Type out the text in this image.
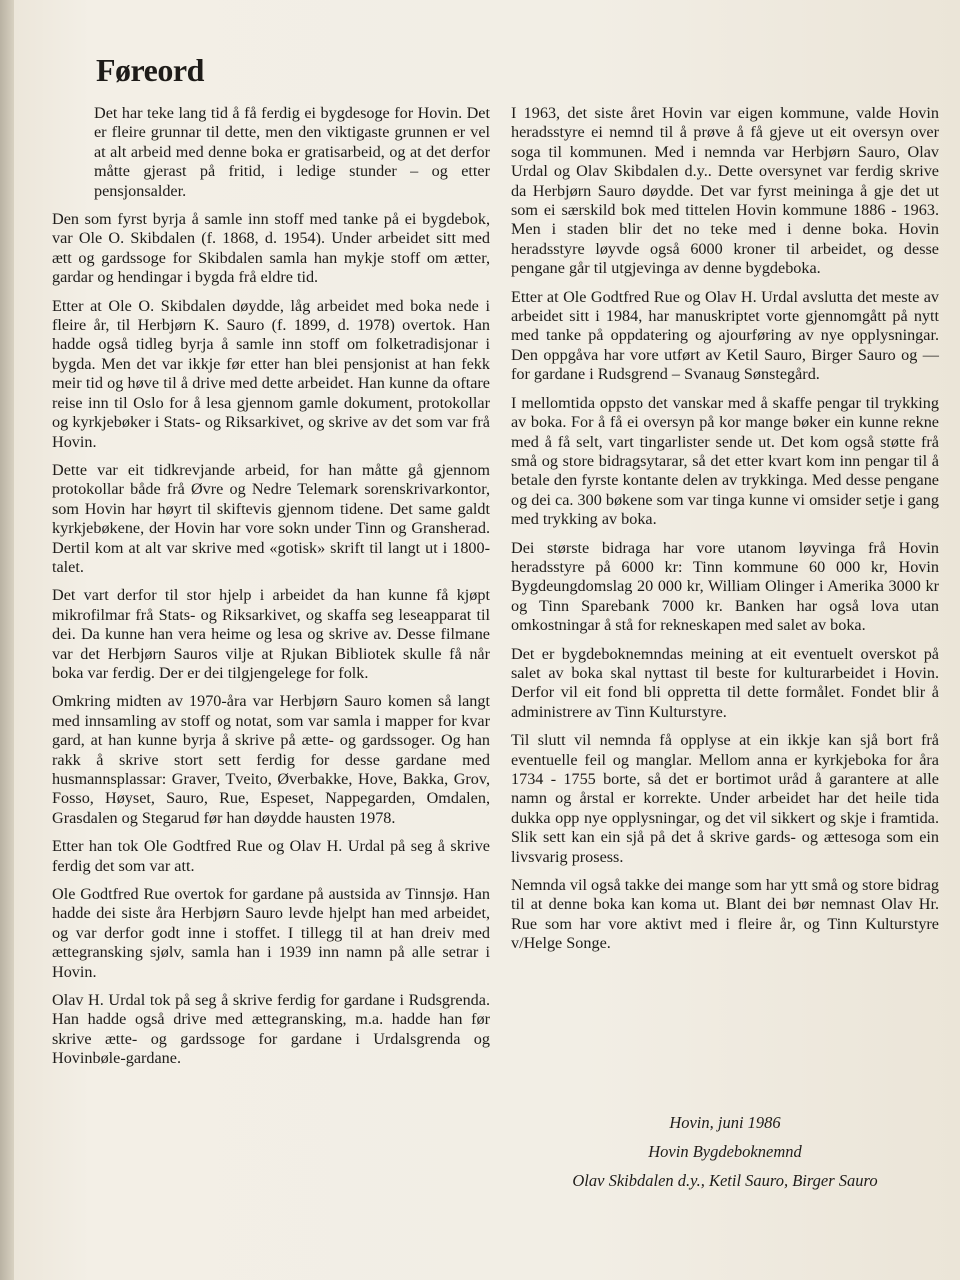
Føreord

Det har teke lang tid å få ferdig ei bygdesoge for Hovin. Det er fleire grunnar til dette, men den viktigaste grunnen er vel at alt arbeid med denne boka er gratisarbeid, og at det derfor måtte gjerast på fritid, i ledige stunder – og etter pensjonsalder.

Den som fyrst byrja å samle inn stoff med tanke på ei bygdebok, var Ole O. Skibdalen (f. 1868, d. 1954). Under arbeidet sitt med ætt og gardssoge for Skibdalen samla han mykje stoff om ætter, gardar og hendingar i bygda frå eldre tid.

Etter at Ole O. Skibdalen døydde, låg arbeidet med boka nede i fleire år, til Herbjørn K. Sauro (f. 1899, d. 1978) overtok. Han hadde også tidleg byrja å samle inn stoff om folketradisjonar i bygda. Men det var ikkje før etter han blei pensjonist at han fekk meir tid og høve til å drive med dette arbeidet. Han kunne da oftare reise inn til Oslo for å lesa gjennom gamle dokument, protokollar og kyrkjebøker i Stats- og Riksarkivet, og skrive av det som var frå Hovin.

Dette var eit tidkrevjande arbeid, for han måtte gå gjennom protokollar både frå Øvre og Nedre Telemark sorenskrivarkontor, som Hovin har høyrt til skiftevis gjennom tidene. Det same galdt kyrkjebøkene, der Hovin har vore sokn under Tinn og Gransherad. Dertil kom at alt var skrive med «gotisk» skrift til langt ut i 1800-talet.

Det vart derfor til stor hjelp i arbeidet da han kunne få kjøpt mikrofilmar frå Stats- og Riksarkivet, og skaffa seg leseapparat til dei. Da kunne han vera heime og lesa og skrive av. Desse filmane var det Herbjørn Sauros vilje at Rjukan Bibliotek skulle få når boka var ferdig. Der er dei tilgjengelege for folk.

Omkring midten av 1970-åra var Herbjørn Sauro komen så langt med innsamling av stoff og notat, som var samla i mapper for kvar gard, at han kunne byrja å skrive på ætte- og gardssoger. Og han rakk å skrive stort sett ferdig for desse gardane med husmannsplassar: Graver, Tveito, Øverbakke, Hove, Bakka, Grov, Fosso, Høyset, Sauro, Rue, Espeset, Nappegarden, Omdalen, Grasdalen og Stegarud før han døydde hausten 1978.

Etter han tok Ole Godtfred Rue og Olav H. Urdal på seg å skrive ferdig det som var att.

Ole Godtfred Rue overtok for gardane på austsida av Tinnsjø. Han hadde dei siste åra Herbjørn Sauro levde hjelpt han med arbeidet, og var derfor godt inne i stoffet. I tillegg til at han dreiv med ættegransking sjølv, samla han i 1939 inn namn på alle setrar i Hovin.

Olav H. Urdal tok på seg å skrive ferdig for gardane i Rudsgrenda. Han hadde også drive med ættegransking, m.a. hadde han før skrive ætte- og gardssoge for gardane i Urdalsgrenda og Hovinbøle-gardane.

I 1963, det siste året Hovin var eigen kommune, valde Hovin heradsstyre ei nemnd til å prøve å få gjeve ut eit oversyn over soga til kommunen. Med i nemnda var Herbjørn Sauro, Olav Urdal og Olav Skibdalen d.y.. Dette oversynet var ferdig skrive da Herbjørn Sauro døydde. Det var fyrst meininga å gje det ut som ei særskild bok med tittelen Hovin kommune 1886 - 1963. Men i staden blir det no teke med i denne boka. Hovin heradsstyre løyvde også 6000 kroner til arbeidet, og desse pengane går til utgjevinga av denne bygdeboka.

Etter at Ole Godtfred Rue og Olav H. Urdal avslutta det meste av arbeidet sitt i 1984, har manuskriptet vorte gjennomgått på nytt med tanke på oppdatering og ajourføring av nye opplysningar. Den oppgåva har vore utført av Ketil Sauro, Birger Sauro og — for gardane i Rudsgrend – Svanaug Sønstegård.

I mellomtida oppsto det vanskar med å skaffe pengar til trykking av boka. For å få ei oversyn på kor mange bøker ein kunne rekne med å få selt, vart tingarlister sende ut. Det kom også støtte frå små og store bidragsytarar, så det etter kvart kom inn pengar til å betale den fyrste kontante delen av trykkinga. Med desse pengane og dei ca. 300 bøkene som var tinga kunne vi omsider setje i gang med trykking av boka.

Dei største bidraga har vore utanom løyvinga frå Hovin heradsstyre på 6000 kr: Tinn kommune 60 000 kr, Hovin Bygdeungdomslag 20 000 kr, William Olinger i Amerika 3000 kr og Tinn Sparebank 7000 kr. Banken har også lova utan omkostningar å stå for rekneskapen med salet av boka.

Det er bygdeboknemndas meining at eit eventuelt overskot på salet av boka skal nyttast til beste for kulturarbeidet i Hovin. Derfor vil eit fond bli oppretta til dette formålet. Fondet blir å administrere av Tinn Kulturstyre.

Til slutt vil nemnda få opplyse at ein ikkje kan sjå bort frå eventuelle feil og manglar. Mellom anna er kyrkjeboka for åra 1734 - 1755 borte, så det er bortimot uråd å garantere at alle namn og årstal er korrekte. Under arbeidet har det heile tida dukka opp nye opplysningar, og det vil sikkert og skje i framtida. Slik sett kan ein sjå på det å skrive gards- og ættesoga som ein livsvarig prosess.

Nemnda vil også takke dei mange som har ytt små og store bidrag til at denne boka kan koma ut. Blant dei bør nemnast Olav Hr. Rue som har vore aktivt med i fleire år, og Tinn Kulturstyre v/Helge Songe.

Hovin, juni 1986
Hovin Bygdeboknemnd
Olav Skibdalen d.y., Ketil Sauro, Birger Sauro
